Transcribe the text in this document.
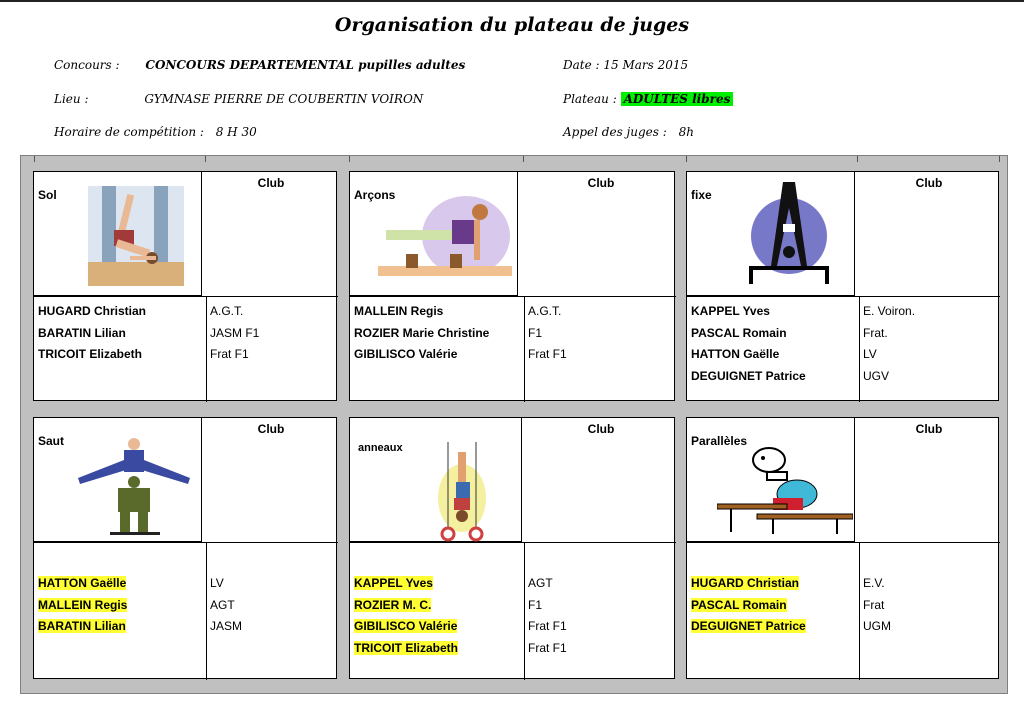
Organisation du plateau de juges
Concours : CONCOURS DEPARTEMENTAL pupilles adultes
Lieu :	GYMNASE PIERRE DE COUBERTIN VOIRON
Horaire de compétition : 8 H 30
Date : 15 Mars 2015
Plateau : ADULTES libres
Appel des juges : 8h
Sol
Club
HUGARD Christian
BARATIN Lilian
TRICOIT Elizabeth
A.G.T.
JASM F1
Frat F1
Arçons
Club
MALLEIN Regis
ROZIER Marie Christine
GIBILISCO Valérie
A.G.T.
F1
Frat F1
fixe
Club
KAPPEL Yves
PASCAL Romain
HATTON Gaëlle
DEGUIGNET Patrice
E. Voiron.
Frat.
LV
UGV
Saut
Club
HATTON Gaëlle
MALLEIN Regis
BARATIN Lilian
LV
AGT
JASM
anneaux
Club
KAPPEL Yves
ROZIER M. C.
GIBILISCO Valérie
TRICOIT Elizabeth
AGT
F1
Frat F1
Frat F1
Parallèles
Club
HUGARD Christian
PASCAL Romain
DEGUIGNET Patrice
E.V.
Frat
UGM
